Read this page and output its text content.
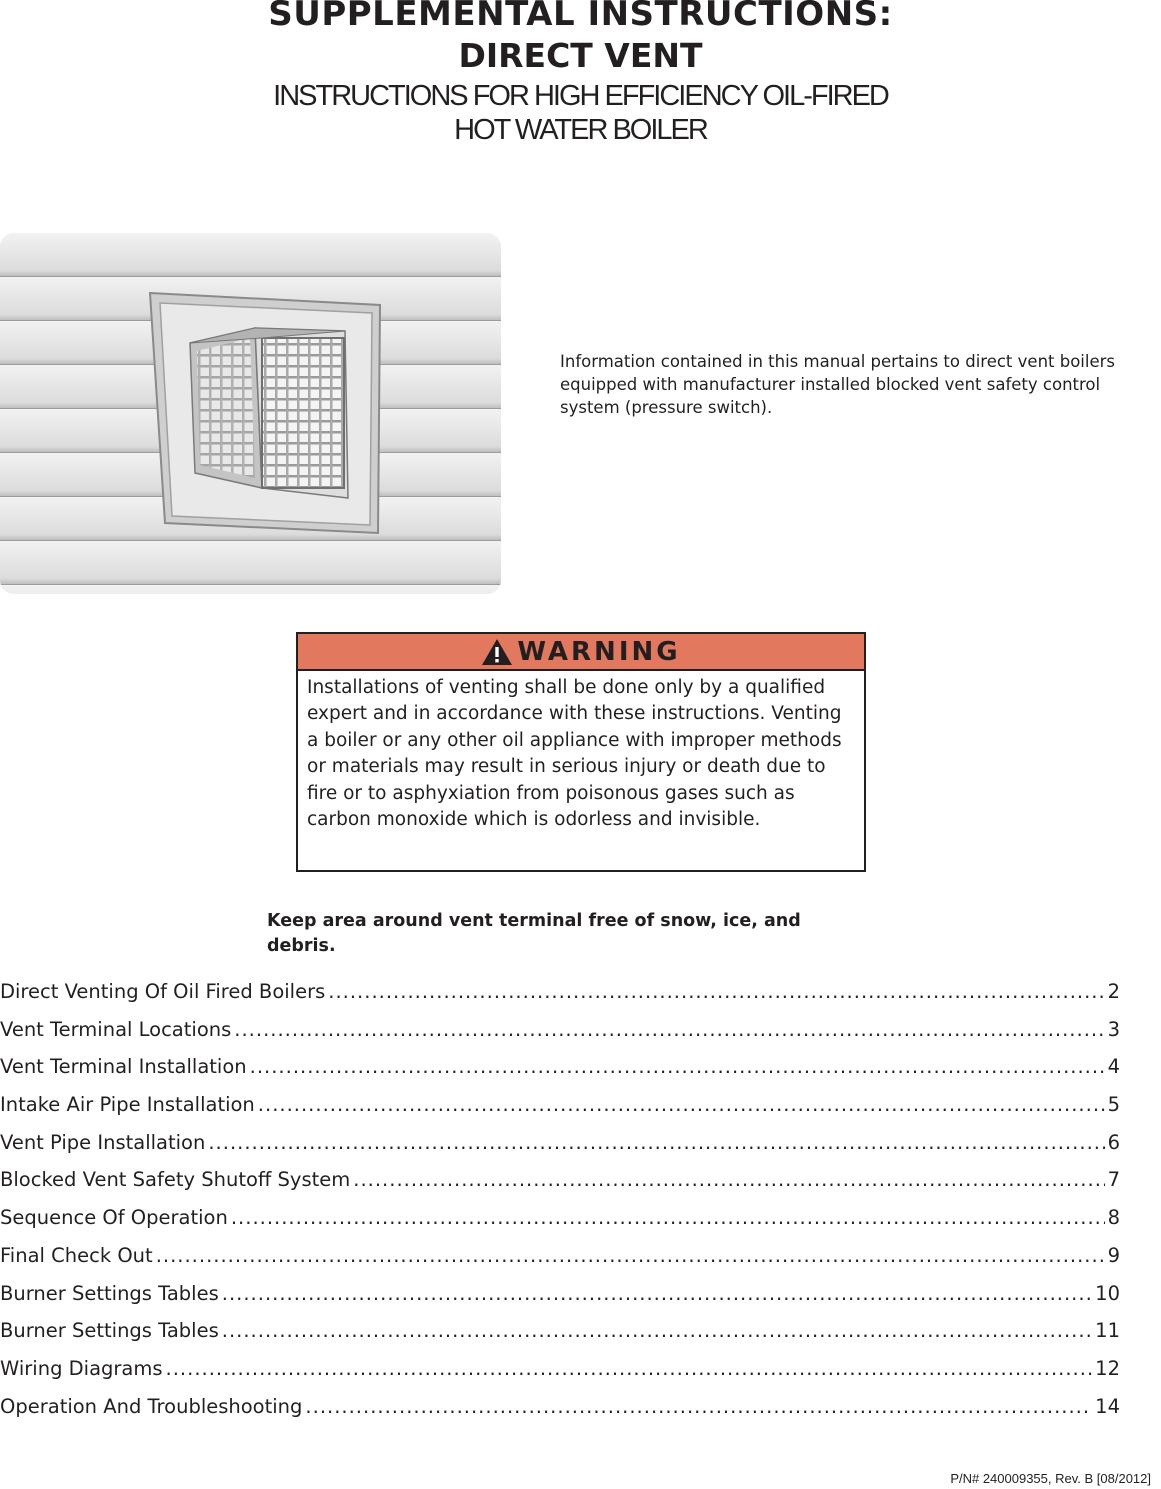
SUPPLEMENTAL INSTRUCTIONS:
DIRECT VENT
INSTRUCTIONS FOR HIGH EFFICIENCY OIL-FIRED
HOT WATER BOILER
Information contained in this manual pertains to direct vent boilers equipped with manufacturer installed blocked vent safety control system (pressure switch).
WARNING
Installations of venting shall be done only by a qualified expert and in accordance with these instructions. Venting a boiler or any other oil appliance with improper methods or materials may result in serious injury or death due to fire or to asphyxiation from poisonous gases such as carbon monoxide which is odorless and invisible.
Keep area around vent terminal free of snow, ice, and debris.
Direct Venting Of Oil Fired Boilers .....	2
Vent Terminal Locations .....	3
Vent Terminal Installation .....	4
Intake Air Pipe Installation .....	5
Vent Pipe Installation .....	6
Blocked Vent Safety Shutoff System .....	7
Sequence Of Operation .....	8
Final Check Out .....	9
Burner Settings Tables .....	10
Burner Settings Tables .....	11
Wiring Diagrams .....	12
Operation And Troubleshooting .....	14
P/N# 240009355, Rev. B [08/2012]
